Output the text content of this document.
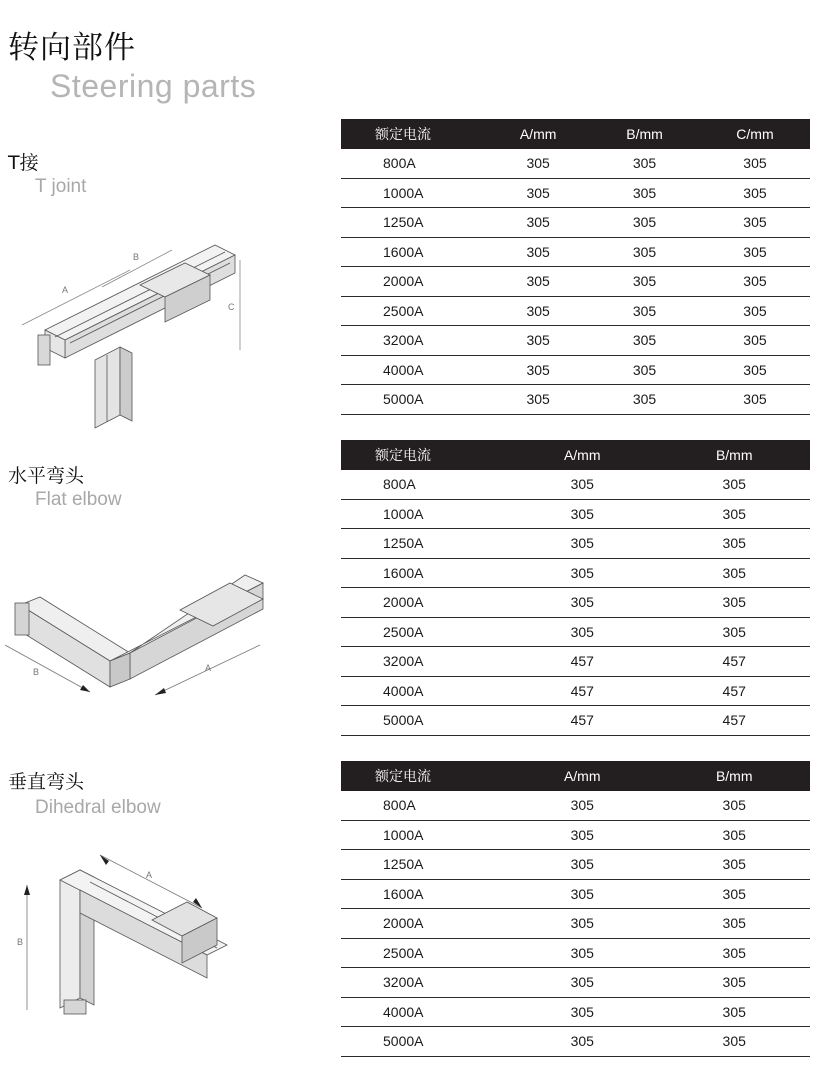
转向部件
Steering parts
T接
T joint
A
B
C
额定电流	A/mm	B/mm	C/mm
800A	305	305	305
1000A	305	305	305
1250A	305	305	305
1600A	305	305	305
2000A	305	305	305
2500A	305	305	305
3200A	305	305	305
4000A	305	305	305
5000A	305	305	305
水平弯头
Flat elbow
B	A
额定电流	A/mm	B/mm
800A	305	305
1000A	305	305
1250A	305	305
1600A	305	305
2000A	305	305
2500A	305	305
3200A	457	457
4000A	457	457
5000A	457	457
垂直弯头
Dihedral elbow
B
A
额定电流	A/mm	B/mm
800A	305	305
1000A	305	305
1250A	305	305
1600A	305	305
2000A	305	305
2500A	305	305
3200A	305	305
4000A	305	305
5000A	305	305
